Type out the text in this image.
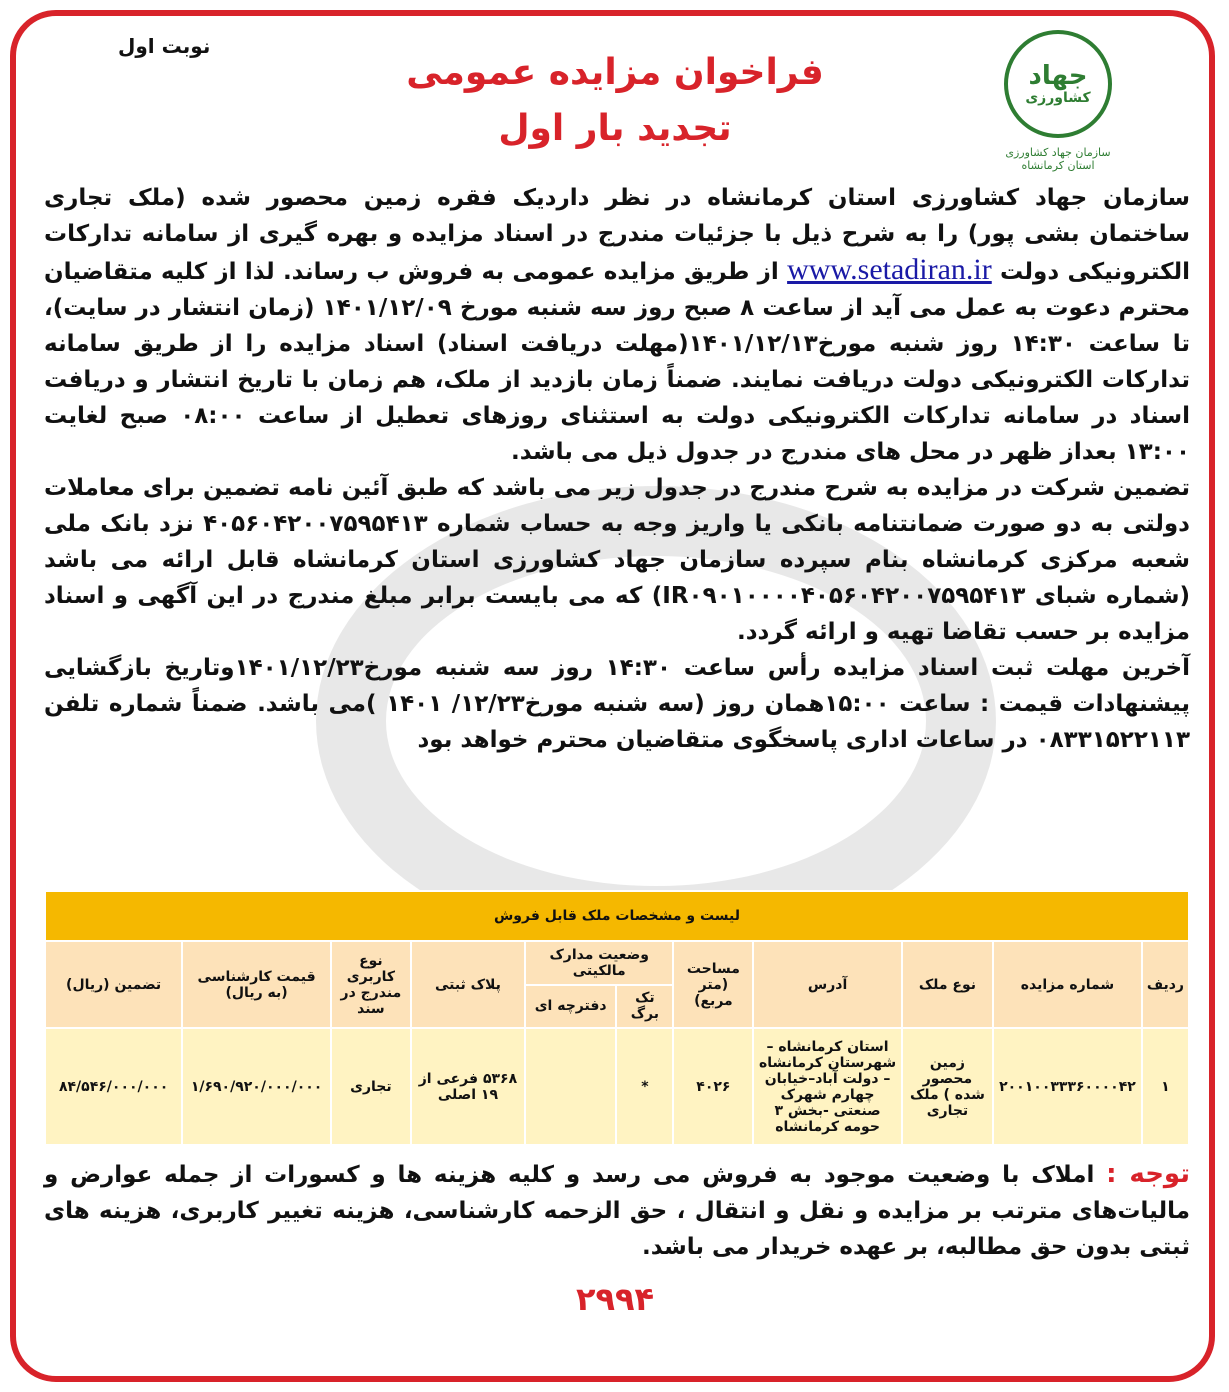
نوبت اول
جهاد
کشاورزی
سازمان جهاد کشاورزی
استان کرمانشاه
فراخوان مزایده عمومی
تجدید بار اول

سازمان جهاد کشاورزی استان کرمانشاه در نظر داردیک فقره زمین محصور شده (ملک تجاری ساختمان بشی پور) را به شرح ذیل با جزئیات مندرج در اسناد مزایده و بهره گیری از سامانه تدارکات الکترونیکی دولت www.setadiran.ir از طریق مزایده عمومی به فروش ب رساند. لذا از کلیه متقاضیان محترم دعوت به عمل می آید از ساعت ۸ صبح روز سه شنبه مورخ ۱۴۰۱/۱۲/۰۹ (زمان انتشار در سایت)، تا ساعت ۱۴:۳۰ روز شنبه مورخ۱۴۰۱/۱۲/۱۳(مهلت دریافت اسناد) اسناد مزایده را از طریق سامانه تدارکات الکترونیکی دولت دریافت نمایند. ضمناً زمان بازدید از ملک، هم زمان با تاریخ انتشار و دریافت اسناد در سامانه تدارکات الکترونیکی دولت به استثنای روزهای تعطیل از ساعت ۰۸:۰۰ صبح لغایت ۱۳:۰۰ بعداز ظهر در محل های مندرج در جدول ذیل می باشد.

تضمین شرکت در مزایده به شرح مندرج در جدول زیر می باشد که طبق آئین نامه تضمین برای معاملات دولتی به دو صورت ضمانتنامه بانکی یا واریز وجه به حساب شماره ۴۰۵۶۰۴۲۰۰۷۵۹۵۴۱۳ نزد بانک ملی شعبه مرکزی کرمانشاه بنام سپرده سازمان جهاد کشاورزی استان کرمانشاه قابل ارائه می باشد (شماره شبای IR۰۹۰۱۰۰۰۰۴۰۵۶۰۴۲۰۰۷۵۹۵۴۱۳) که می بایست برابر مبلغ مندرج در این آگهی و اسناد مزایده بر حسب تقاضا تهیه و ارائه گردد.

آخرین مهلت ثبت اسناد مزایده رأس ساعت ۱۴:۳۰ روز سه شنبه مورخ۱۴۰۱/۱۲/۲۳وتاریخ بازگشایی پیشنهادات قیمت : ساعت ۱۵:۰۰همان روز (سه شنبه مورخ۱۲/۲۳/ ۱۴۰۱ )می باشد. ضمناً شماره تلفن ۰۸۳۳۱۵۲۲۱۱۳ در ساعات اداری پاسخگوی متقاضیان محترم خواهد بود

لیست و مشخصات ملک قابل فروش										
ردیف	شماره مزایده	نوع ملک	آدرس	مساحت (متر مربع)	وضعیت مدارک مالکیتی		پلاک ثبتی	نوع کاربری مندرج در سند	قیمت کارشناسی (به ریال)	تضمین (ریال)
					تک برگ	دفترچه ای				
۱	۲۰۰۱۰۰۳۳۳۶۰۰۰۰۴۲	زمین محصور شده ) ملک تجاری	استان کرمانشاه – شهرستان کرمانشاه – دولت آباد–خیابان چهارم شهرک صنعتی -بخش ۳ حومه کرمانشاه	۴۰۲۶	*		۵۳۶۸ فرعی از ۱۹ اصلی	تجاری	۱/۶۹۰/۹۲۰/۰۰۰/۰۰۰	۸۴/۵۴۶/۰۰۰/۰۰۰
توجه : املاک با وضعیت موجود به فروش می رسد و کلیه هزینه ها و کسورات از جمله عوارض و مالیات‌های مترتب بر مزایده و نقل و انتقال ، حق الزحمه کارشناسی، هزینه تغییر کاربری، هزینه های ثبتی بدون حق مطالبه، بر عهده خریدار می باشد.
۲۹۹۴
